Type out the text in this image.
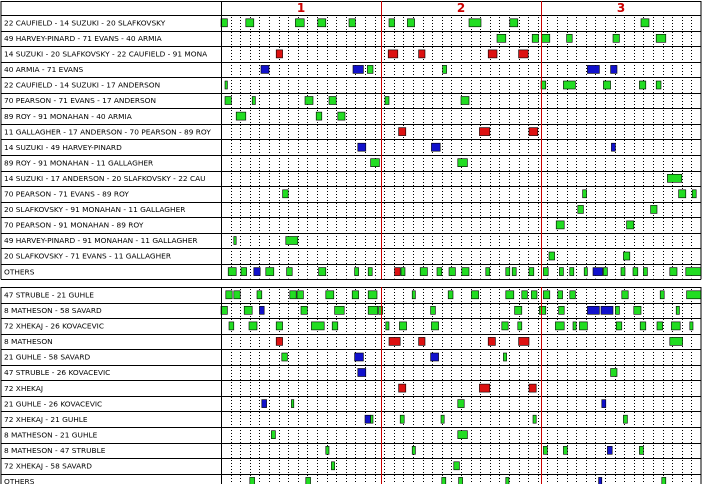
1	2	3
22 CAUFIELD - 14 SUZUKI - 20 SLAFKOVSKY
49 HARVEY-PINARD - 71 EVANS - 40 ARMIA
14 SUZUKI - 20 SLAFKOVSKY - 22 CAUFIELD - 91 MONA
40 ARMIA - 71 EVANS
22 CAUFIELD - 14 SUZUKI - 17 ANDERSON
70 PEARSON - 71 EVANS - 17 ANDERSON
89 ROY - 91 MONAHAN - 40 ARMIA
11 GALLAGHER - 17 ANDERSON - 70 PEARSON - 89 ROY
14 SUZUKI - 49 HARVEY-PINARD
89 ROY - 91 MONAHAN - 11 GALLAGHER
14 SUZUKI - 17 ANDERSON - 20 SLAFKOVSKY - 22 CAU
70 PEARSON - 71 EVANS - 89 ROY
20 SLAFKOVSKY - 91 MONAHAN - 11 GALLAGHER
70 PEARSON - 91 MONAHAN - 89 ROY
49 HARVEY-PINARD - 91 MONAHAN - 11 GALLAGHER
20 SLAFKOVSKY - 71 EVANS - 11 GALLAGHER
OTHERS
47 STRUBLE - 21 GUHLE
8 MATHESON - 58 SAVARD
72 XHEKAJ - 26 KOVACEVIC
8 MATHESON
21 GUHLE - 58 SAVARD
47 STRUBLE - 26 KOVACEVIC
72 XHEKAJ
21 GUHLE - 26 KOVACEVIC
72 XHEKAJ - 21 GUHLE
8 MATHESON - 21 GUHLE
8 MATHESON - 47 STRUBLE
72 XHEKAJ - 58 SAVARD
OTHERS
